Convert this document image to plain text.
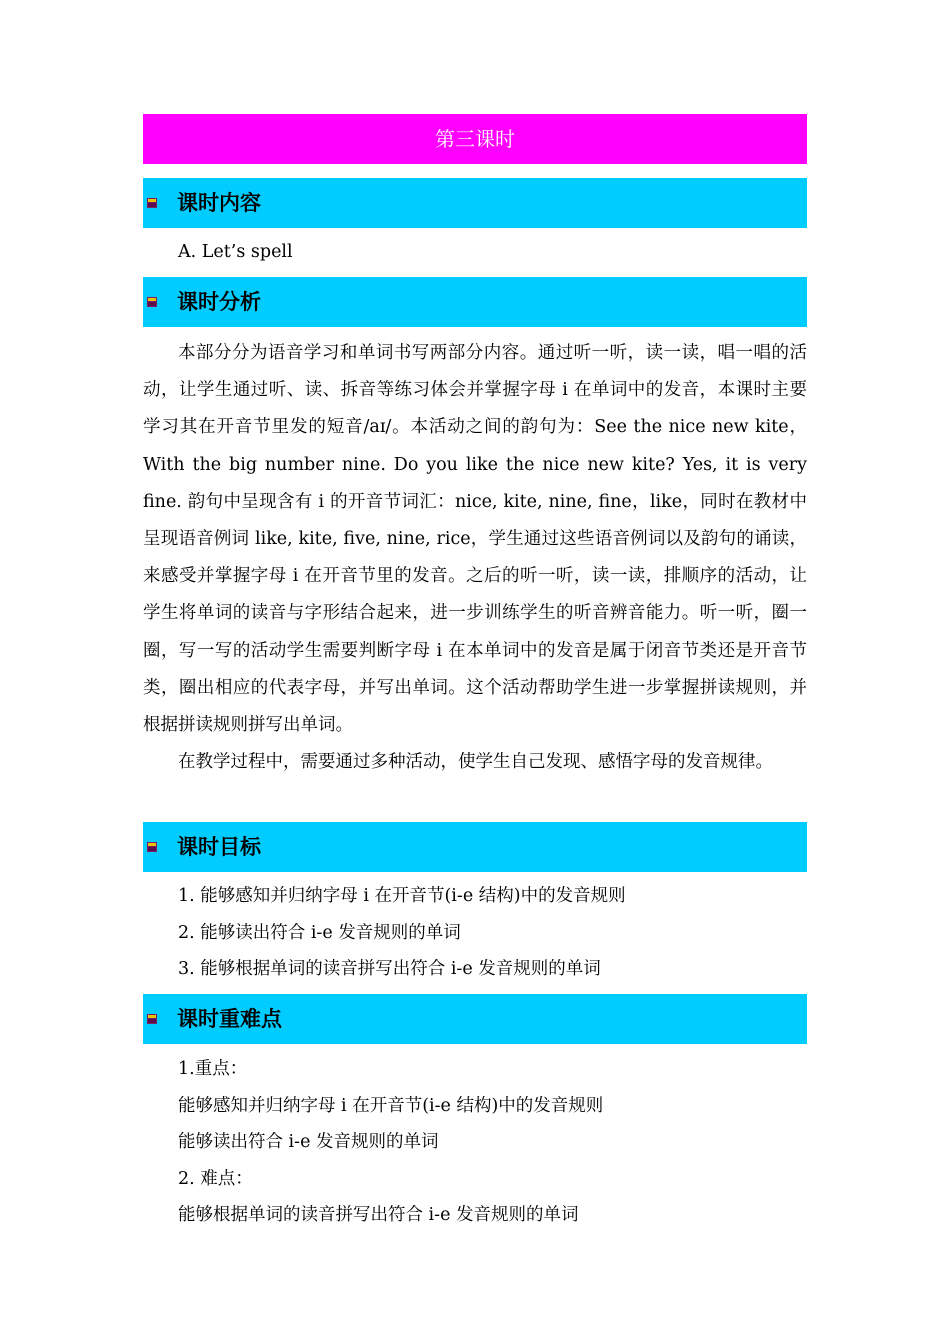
第三课时
课时内容
A. Let’s spell
课时分析

本部分分为语音学习和单词书写两部分内容。通过听一听，读一读，唱一唱的活动，让学生通过听、读、拆音等练习体会并掌握字母 i 在单词中的发音，本课时主要学习其在开音节里发的短音/aɪ/。本活动之间的韵句为：See the nice new kite，With the big number nine. Do you like the nice new kite? Yes, it is very fine. 韵句中呈现含有 i 的开音节词汇：nice, kite, nine, fine，like，同时在教材中呈现语音例词 like, kite, five, nine, rice，学生通过这些语音例词以及韵句的诵读，来感受并掌握字母 i 在开音节里的发音。之后的听一听，读一读，排顺序的活动，让学生将单词的读音与字形结合起来，进一步训练学生的听音辨音能力。听一听，圈一圈，写一写的活动学生需要判断字母 i 在本单词中的发音是属于闭音节类还是开音节类，圈出相应的代表字母，并写出单词。这个活动帮助学生进一步掌握拼读规则，并根据拼读规则拼写出单词。

在教学过程中，需要通过多种活动，使学生自己发现、感悟字母的发音规律。

课时目标
1. 能够感知并归纳字母 i 在开音节(i-e 结构)中的发音规则
2. 能够读出符合 i-e 发音规则的单词
3. 能够根据单词的读音拼写出符合 i-e 发音规则的单词
课时重难点
1.重点：
能够感知并归纳字母 i 在开音节(i-e 结构)中的发音规则
能够读出符合 i-e 发音规则的单词
2. 难点：
能够根据单词的读音拼写出符合 i-e 发音规则的单词
